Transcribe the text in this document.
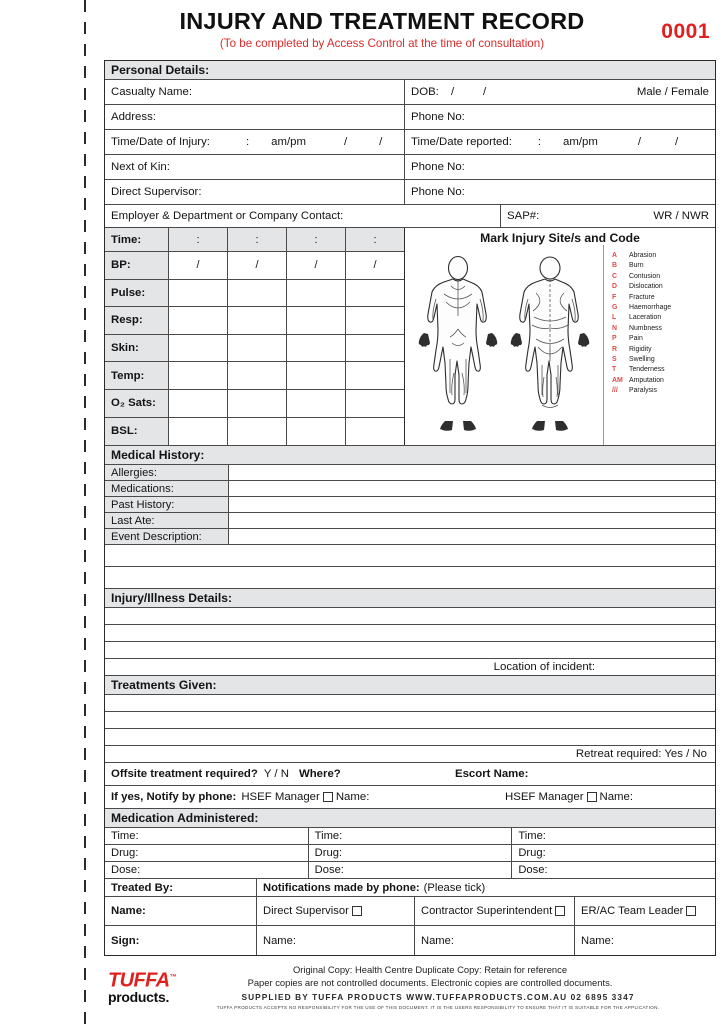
INJURY AND TREATMENT RECORD

(To be completed by Access Control at the time of consultation)

0001
Personal Details:
Casualty Name:	DOB:	/	/	Male / Female
Address:	Phone No:
Time/Date of Injury:	: am/pm	/	/	Time/Date reported: : am/pm	/	/
Next of Kin:	Phone No:
Direct Supervisor:	Phone No:
Employer & Department or Company Contact:	SAP#:	WR / NWR
Time:	:	:	:	:
BP:	/	/	/	/
Pulse:
Resp:
Skin:
Temp:
O₂ Sats:
BSL:
Mark Injury Site/s and Code
A	Abrasion
B	Burn
C	Contusion
D	Dislocation
F	Fracture
G	Haemorrhage
L	Laceration
N	Numbness
P	Pain
R	Rigidity
S	Swelling
T	Tenderness
AM Amputation
///	Paralysis
Medical History:
Allergies:
Medications:
Past History:
Last Ate:
Event Description:
Injury/Illness Details:
Location of incident:
Treatments Given:
Retreat required: Yes / No
Offsite treatment required? Y / N Where?	Escort Name:
If yes, Notify by phone: HSEF Manager Name:	HSEF Manager Name:
Medication Administered:
Time:	Time:	Time:
Drug:	Drug:	Drug:
Dose:	Dose:	Dose:
Treated By:	Notifications made by phone: (Please tick)
Name:	Direct Supervisor	Contractor Superintendent	ER/AC Team Leader
Sign:	Name:	Name:	Name:
Original Copy: Health Centre Duplicate Copy: Retain for reference
Paper copies are not controlled documents. Electronic copies are controlled documents.
SUPPLIED BY TUFFA PRODUCTS WWW.TUFFAPRODUCTS.COM.AU 02 6895 3347
TUFFA PRODUCTS ACCEPTS NO RESPONSIBILITY FOR THE USE OF THIS DOCUMENT. IT IS THE USERS RESPONSIBILITY TO ENSURE THAT IT IS SUITABLE FOR THE APPLICATION.
TUFFA™
products.
